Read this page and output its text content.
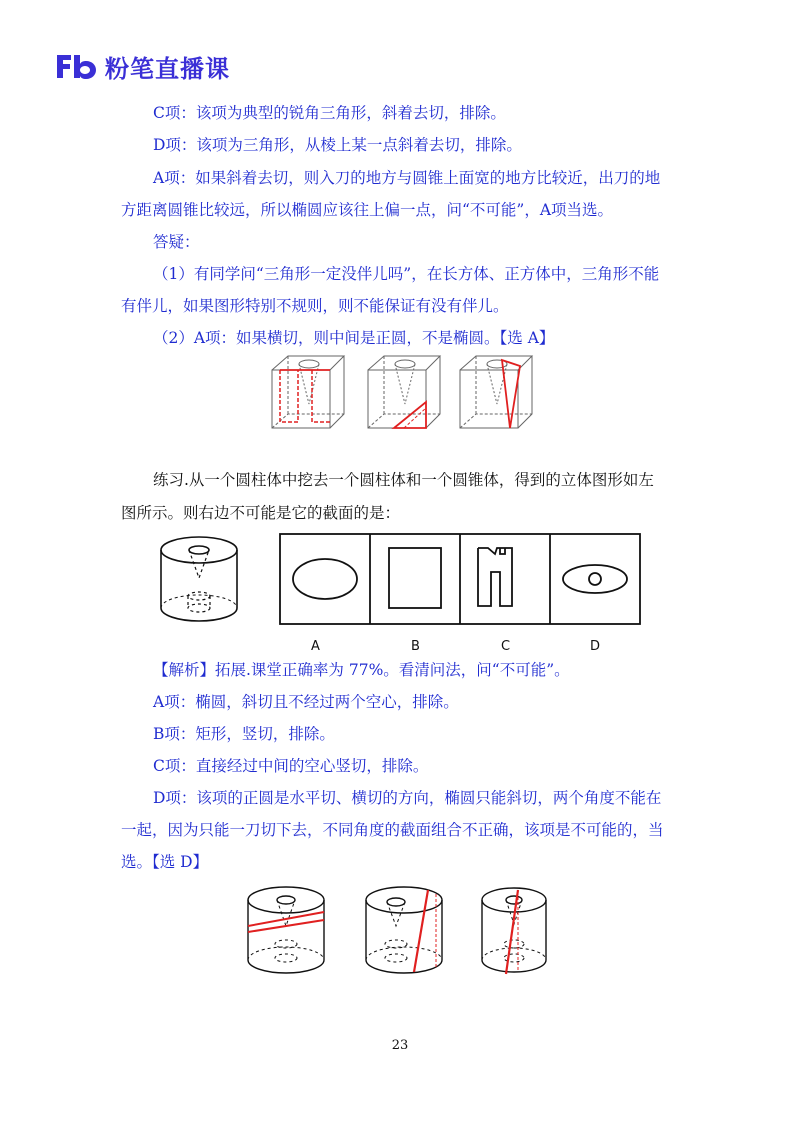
粉笔直播课
C项：该项为典型的锐角三角形，斜着去切，排除。
D项：该项为三角形，从棱上某一点斜着去切，排除。
A项：如果斜着去切，则入刀的地方与圆锥上面宽的地方比较近，出刀的地
方距离圆锥比较远，所以椭圆应该往上偏一点，问“不可能”，A项当选。
答疑：
（1）有同学问“三角形一定没伴儿吗”，在长方体、正方体中，三角形不能
有伴儿，如果图形特别不规则，则不能保证有没有伴儿。
（2）A项：如果横切，则中间是正圆，不是椭圆。【选 A】
练习.从一个圆柱体中挖去一个圆柱体和一个圆锥体，得到的立体图形如左
图所示。则右边不可能是它的截面的是：
A	B	C	D
【解析】拓展.课堂正确率为 77%。看清问法，问“不可能”。
A项：椭圆，斜切且不经过两个空心，排除。
B项：矩形，竖切，排除。
C项：直接经过中间的空心竖切，排除。
D项：该项的正圆是水平切、横切的方向，椭圆只能斜切，两个角度不能在
一起，因为只能一刀切下去，不同角度的截面组合不正确，该项是不可能的，当
选。【选 D】
23
